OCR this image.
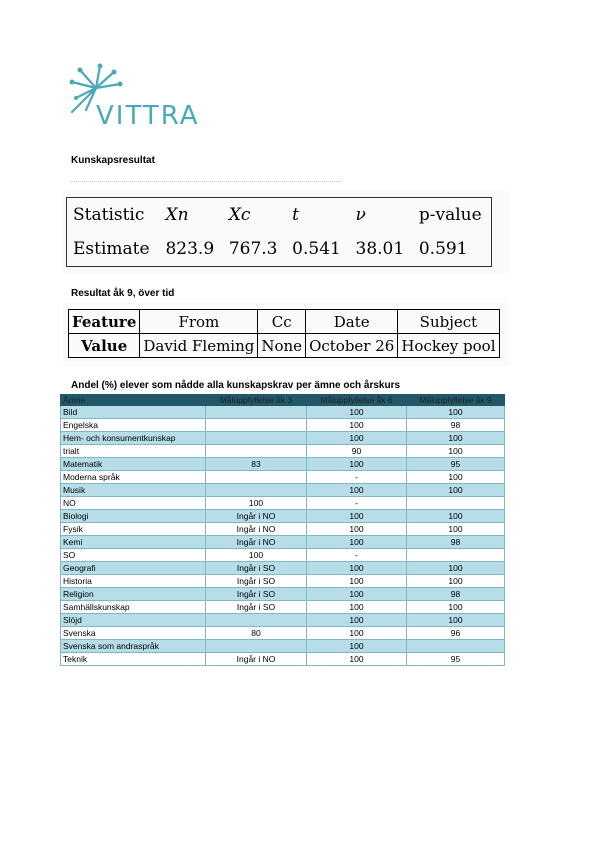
VITTRA
Kunskapsresultat
Statistic	Xn	Xc	t	ν	p-value
Estimate	823.9	767.3	0.541	38.01	0.591
Resultat åk 9, över tid
Feature	From	Cc	Date	Subject
Value	David Fleming	None	October 26	Hockey pool
Andel (%) elever som nådde alla kunskapskrav per ämne och årskurs
Ämne	Måluppfyllelse åk 3	Måluppfyllelse åk 6	Måluppfyllelse åk 9
Bild		100	100
Engelska		100	98
Hem- och konsumentkunskap		100	100
trialt		90	100
Matematik	83	100	95
Moderna språk		-	100
Musik		100	100
NO	100	-	
Biologi	Ingår i NO	100	100
Fysik	Ingår i NO	100	100
Kemi	Ingår i NO	100	98
SO	100	-	
Geografi	Ingår i SO	100	100
Historia	Ingår i SO	100	100
Religion	Ingår i SO	100	98
Samhällskunskap	Ingår i SO	100	100
Slöjd		100	100
Svenska	80	100	96
Svenska som andraspråk		100	
Teknik	Ingår i NO	100	95
